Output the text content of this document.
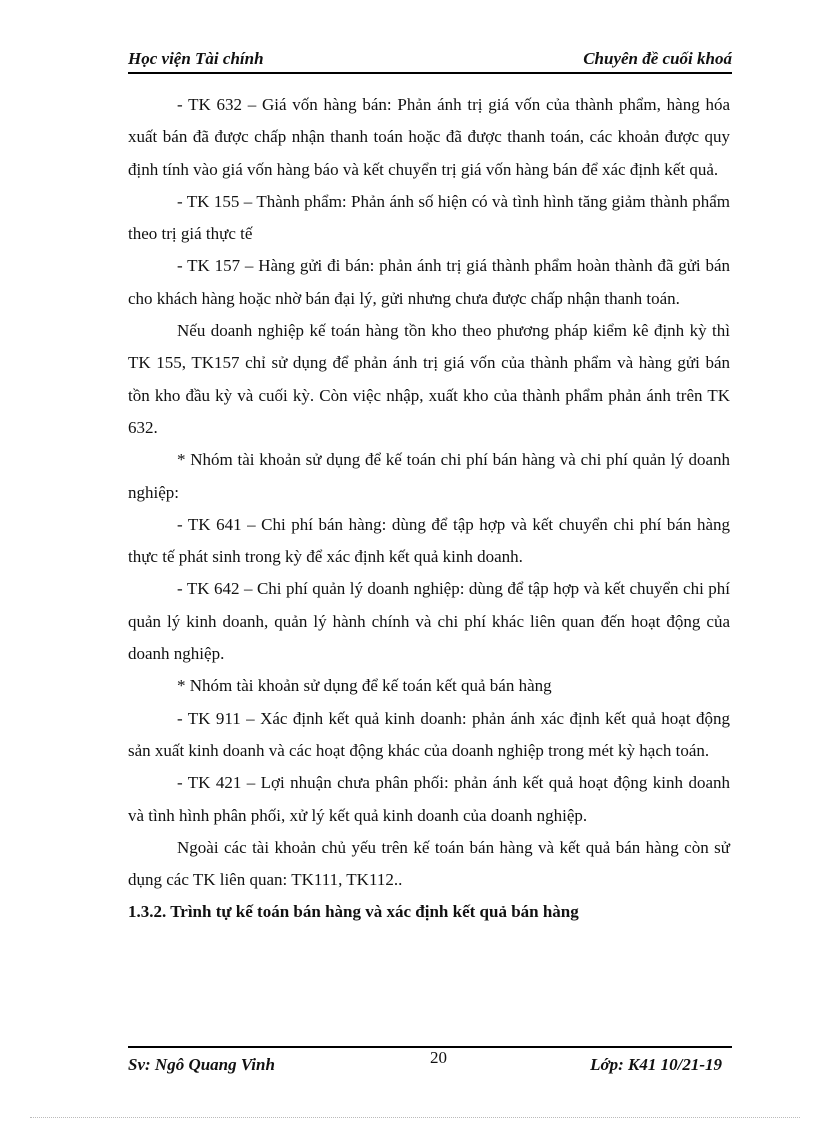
Học viện Tài chính	Chuyên đề cuối khoá

- TK 632 – Giá vốn hàng bán: Phản ánh trị giá vốn của thành phẩm, hàng hóa xuất bán đã được chấp nhận thanh toán hoặc đã được thanh toán, các khoản được quy định tính vào giá vốn hàng báo và kết chuyển trị giá vốn hàng bán để xác định kết quả.

- TK 155 – Thành phẩm: Phản ánh số hiện có và tình hình tăng giảm thành phẩm theo trị giá thực tế

- TK 157 – Hàng gửi đi bán: phản ánh trị giá thành phẩm hoàn thành đã gửi bán cho khách hàng hoặc nhờ bán đại lý, gửi nhưng chưa được chấp nhận thanh toán.

Nếu doanh nghiệp kế toán hàng tồn kho theo phương pháp kiểm kê định kỳ thì TK 155, TK157 chỉ sử dụng để phản ánh trị giá vốn của thành phẩm và hàng gửi bán tồn kho đầu kỳ và cuối kỳ. Còn việc nhập, xuất kho của thành phẩm phản ánh trên TK 632.

* Nhóm tài khoản sử dụng để kế toán chi phí bán hàng và chi phí quản lý doanh nghiệp:

- TK 641 – Chi phí bán hàng: dùng để tập hợp và kết chuyển chi phí bán hàng thực tế phát sinh trong kỳ để xác định kết quả kinh doanh.

- TK 642 – Chi phí quản lý doanh nghiệp: dùng để tập hợp và kết chuyển chi phí quản lý kinh doanh, quản lý hành chính và chi phí khác liên quan đến hoạt động của doanh nghiệp.

* Nhóm tài khoản sử dụng để kế toán kết quả bán hàng

- TK 911 – Xác định kết quả kinh doanh: phản ánh xác định kết quả hoạt động sản xuất kinh doanh và các hoạt động khác của doanh nghiệp trong mét kỳ hạch toán.

- TK 421 – Lợi nhuận chưa phân phối: phản ánh kết quả hoạt động kinh doanh và tình hình phân phối, xử lý kết quả kinh doanh của doanh nghiệp.

Ngoài các tài khoản chủ yếu trên kế toán bán hàng và kết quả bán hàng còn sử dụng các TK liên quan: TK111, TK112..

1.3.2. Trình tự kế toán bán hàng và xác định kết quả bán hàng

Sv: Ngô Quang Vinh	20	Lớp: K41 10/21-19
